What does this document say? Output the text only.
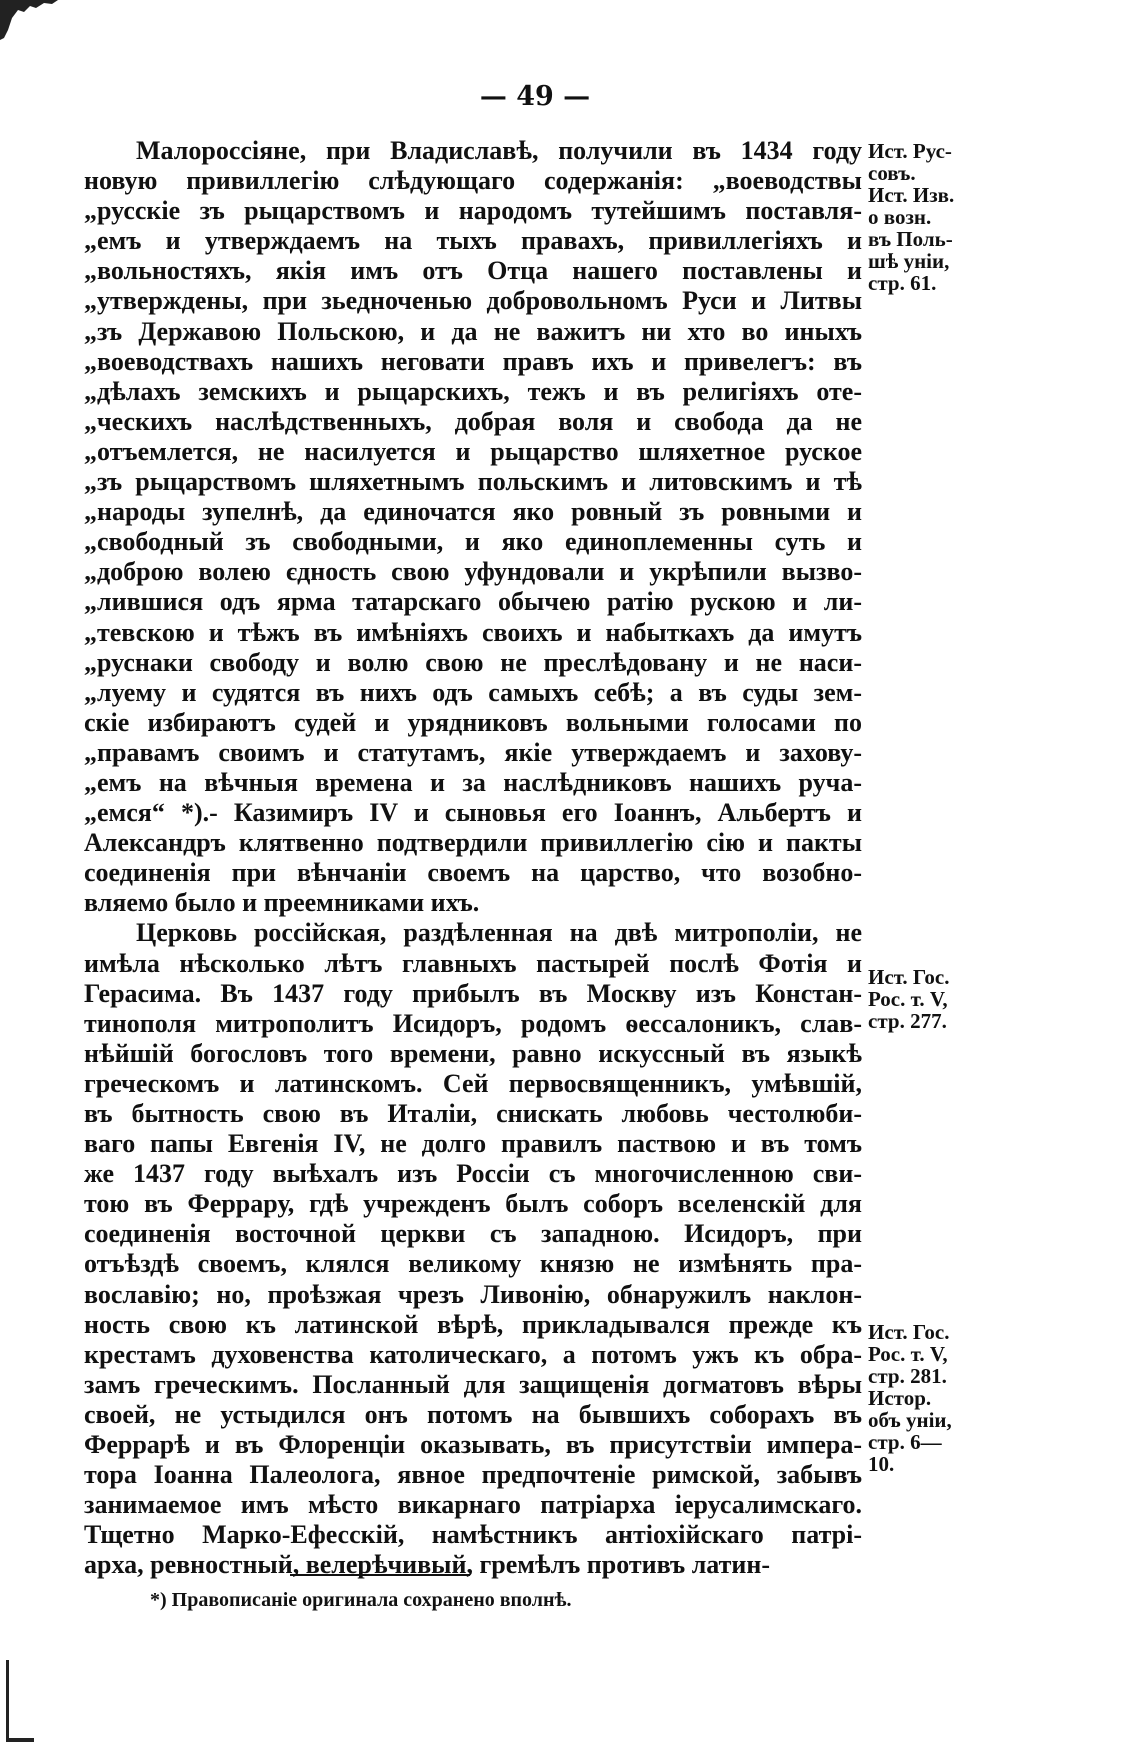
— 49 —
Малороссіяне, при Владиславѣ, получили въ 1434 году
новую привиллегію слѣдующаго содержанія: „воеводствы
„русскіе зъ рыцарствомъ и народомъ тутейшимъ поставля-
„емъ и утверждаемъ на тыхъ правахъ, привиллегіяхъ и
„вольностяхъ, якія имъ отъ Отца нашего поставлены и
„утверждены, при зьедноченью добровольномъ Руси и Литвы
„зъ Державою Польскою, и да не важитъ ни хто во иныхъ
„воеводствахъ нашихъ неговати правъ ихъ и привелегъ: въ
„дѣлахъ земскихъ и рыцарскихъ, тежъ и въ религіяхъ оте-
„ческихъ наслѣдственныхъ, добрая воля и свобода да не
„отъемлется, не насилуется и рыцарство шляхетное руское
„зъ рыцарствомъ шляхетнымъ польскимъ и литовскимъ и тѣ
„народы зупелнѣ, да единочатся яко ровный зъ ровными и
„свободный зъ свободными, и яко единоплеменны суть и
„доброю волею єдность свою уфундовали и укрѣпили вызво-
„лившися одъ ярма татарскаго обычею ратію рускою и ли-
„тевскою и тѣжъ въ имѣніяхъ своихъ и набыткахъ да имутъ
„руснаки свободу и волю свою не преслѣдовану и не наси-
„луему и судятся въ нихъ одъ самыхъ себѣ; а въ суды зем-
скіе избираютъ судей и урядниковъ вольными голосами по
„правамъ своимъ и статутамъ, якіе утверждаемъ и захову-
„емъ на вѣчныя времена и за наслѣдниковъ нашихъ руча-
„емся“ *).- Казимиръ IV и сыновья его Іоаннъ, Альбертъ и
Александръ клятвенно подтвердили привиллегію сію и пакты
соединенія при вѣнчаніи своемъ на царство, что возобно-
вляемо было и преемниками ихъ.
Церковь россійская, раздѣленная на двѣ митрополіи, не
имѣла нѣсколько лѣтъ главныхъ пастырей послѣ Фотія и
Герасима. Въ 1437 году прибылъ въ Москву изъ Констан-
тинополя митрополитъ Исидоръ, родомъ ѳессалоникъ, слав-
нѣйшій богословъ того времени, равно искуссный въ языкѣ
греческомъ и латинскомъ. Сей первосвященникъ, умѣвшій,
въ бытность свою въ Италіи, снискать любовь честолюби-
ваго папы Евгенія IV, не долго правилъ паствою и въ томъ
же 1437 году выѣхалъ изъ Россіи съ многочисленною сви-
тою въ Феррару, гдѣ учрежденъ былъ соборъ вселенскій для
соединенія восточной церкви съ западною. Исидоръ, при
отъѣздѣ своемъ, клялся великому князю не измѣнять пра-
вославію; но, проѣзжая чрезъ Ливонію, обнаружилъ наклон-
ность свою къ латинской вѣрѣ, прикладывался прежде къ
крестамъ духовенства католическаго, а потомъ ужъ къ обра-
замъ греческимъ. Посланный для защищенія догматовъ вѣры
своей, не устыдился онъ потомъ на бывшихъ соборахъ въ
Феррарѣ и въ Флоренціи оказывать, въ присутствіи импера-
тора Іоанна Палеолога, явное предпочтеніе римской, забывъ
занимаемое имъ мѣсто викарнаго патріарха іерусалимскаго.
Тщетно Марко-Ефесскій, намѣстникъ антіохійскаго патрі-
арха, ревностный, велерѣчивый, гремѣлъ противъ латин-
Ист. Рус-
совъ.
Ист. Изв.
о возн.
въ Поль-
шѣ уніи,
стр. 61.
Ист. Гос.
Рос. т. V,
стр. 277.
Ист. Гос.
Рос. т. V,
стр. 281.
Истор.
объ уніи,
стр. 6—
10.
*) Правописаніе оригинала сохранено вполнѣ.
